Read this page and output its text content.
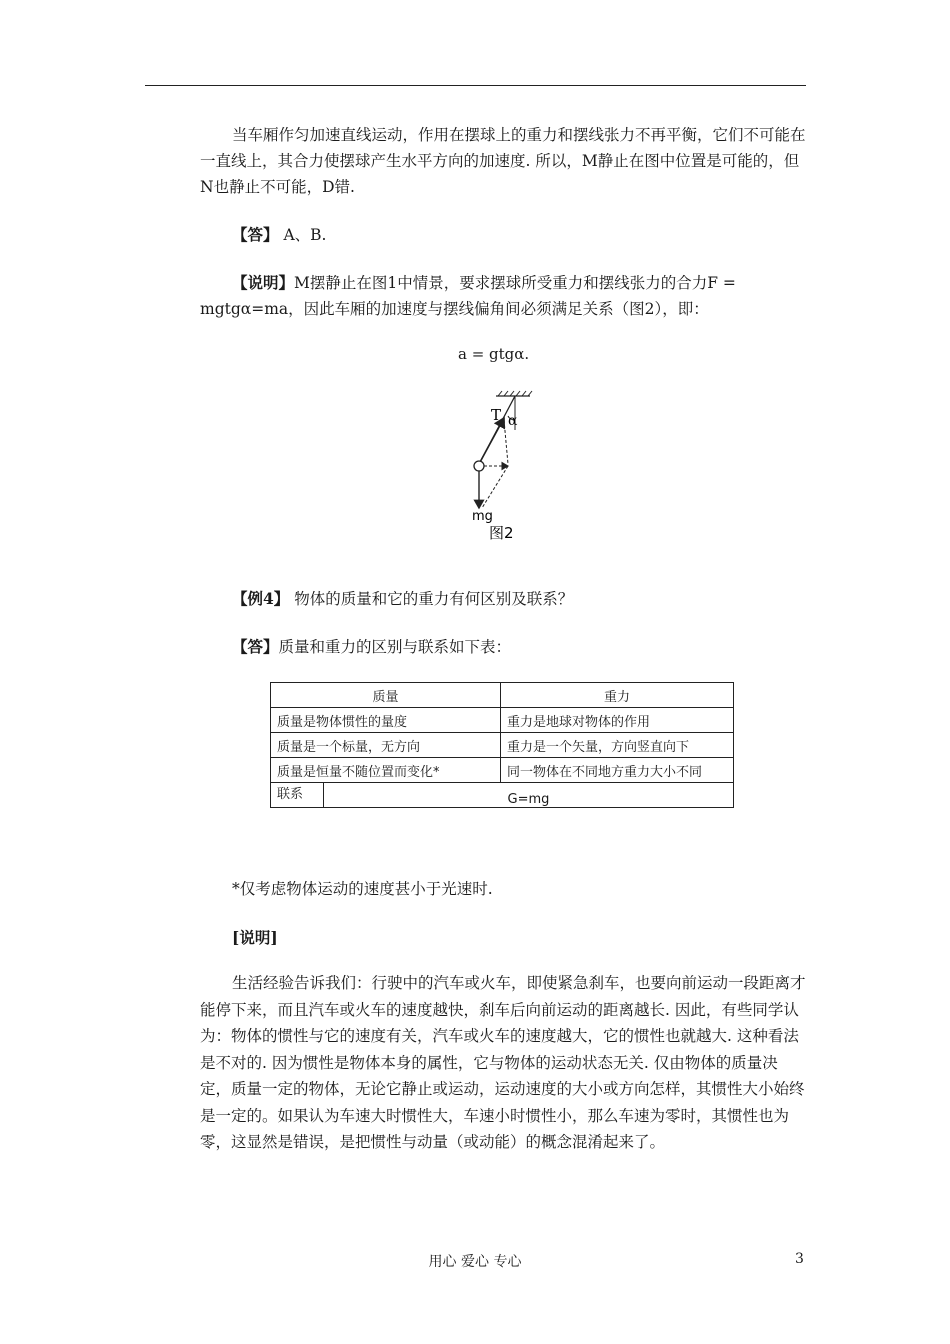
当车厢作匀加速直线运动，作用在摆球上的重力和摆线张力不再平衡，它们不可能在一直线上，其合力使摆球产生水平方向的加速度. 所以，M静止在图中位置是可能的，但N也静止不可能，D错.

【答】 A、B.

【说明】M摆静止在图1中情景，要求摆球所受重力和摆线张力的合力F = mgtgα=ma，因此车厢的加速度与摆线偏角间必须满足关系（图2），即：

a = gtgα.
T α
mg
图2

【例4】 物体的质量和它的重力有何区别及联系？

【答】质量和重力的区别与联系如下表：

质量		重力
质量是物体惯性的量度		重力是地球对物体的作用
质量是一个标量，无方向		重力是一个矢量，方向竖直向下
质量是恒量不随位置而变化*		同一物体在不同地方重力大小不同
联系	G=mg	

*仅考虑物体运动的速度甚小于光速时.

[说明]

生活经验告诉我们：行驶中的汽车或火车，即使紧急刹车，也要向前运动一段距离才能停下来，而且汽车或火车的速度越快，刹车后向前运动的距离越长. 因此，有些同学认为：物体的惯性与它的速度有关，汽车或火车的速度越大，它的惯性也就越大. 这种看法是不对的. 因为惯性是物体本身的属性，它与物体的运动状态无关. 仅由物体的质量决定，质量一定的物体，无论它静止或运动，运动速度的大小或方向怎样，其惯性大小始终是一定的。如果认为车速大时惯性大，车速小时惯性小，那么车速为零时，其惯性也为零，这显然是错误，是把惯性与动量（或动能）的概念混淆起来了。

用心 爱心 专心	3
